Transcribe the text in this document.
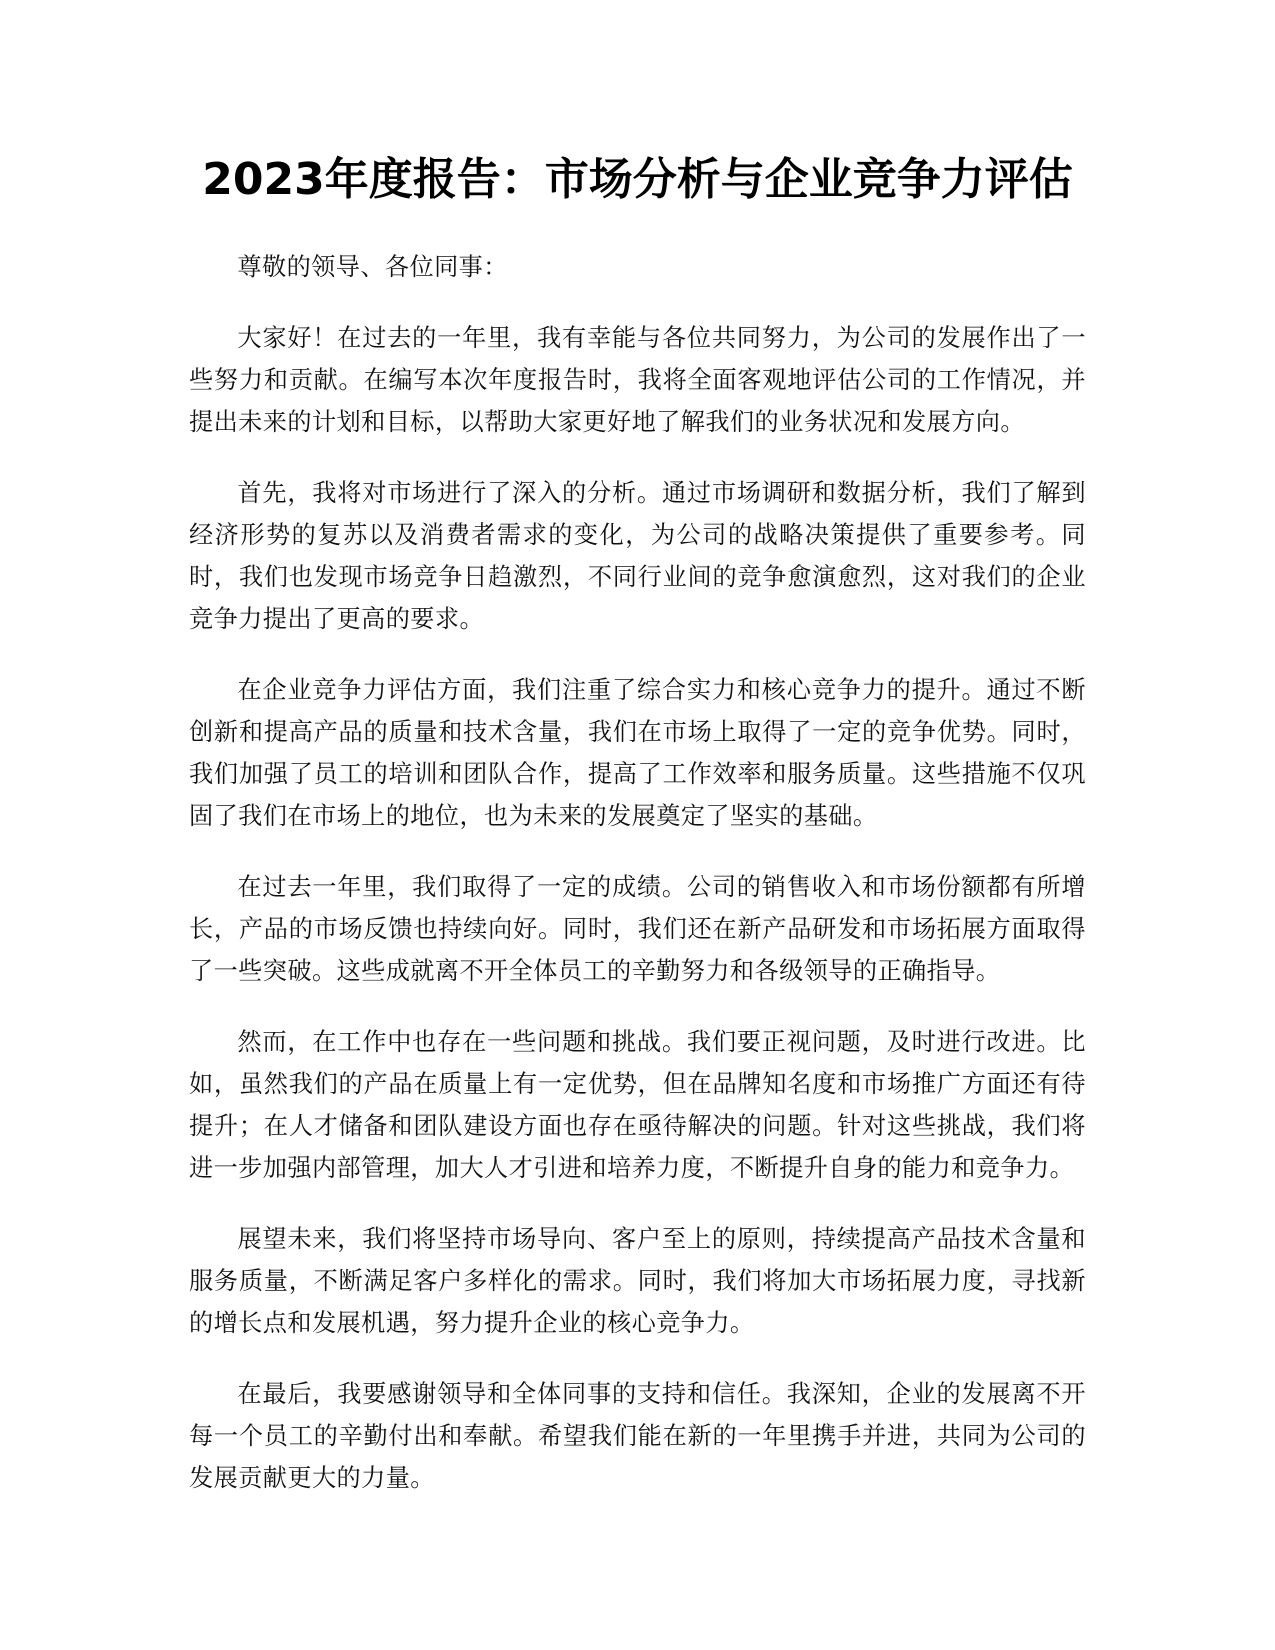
2023年度报告：市场分析与企业竞争力评估

尊敬的领导、各位同事：

大家好！在过去的一年里，我有幸能与各位共同努力，为公司的发展作出了一些努力和贡献。在编写本次年度报告时，我将全面客观地评估公司的工作情况，并提出未来的计划和目标，以帮助大家更好地了解我们的业务状况和发展方向。

首先，我将对市场进行了深入的分析。通过市场调研和数据分析，我们了解到经济形势的复苏以及消费者需求的变化，为公司的战略决策提供了重要参考。同时，我们也发现市场竞争日趋激烈，不同行业间的竞争愈演愈烈，这对我们的企业竞争力提出了更高的要求。

在企业竞争力评估方面，我们注重了综合实力和核心竞争力的提升。通过不断创新和提高产品的质量和技术含量，我们在市场上取得了一定的竞争优势。同时，我们加强了员工的培训和团队合作，提高了工作效率和服务质量。这些措施不仅巩固了我们在市场上的地位，也为未来的发展奠定了坚实的基础。

在过去一年里，我们取得了一定的成绩。公司的销售收入和市场份额都有所增长，产品的市场反馈也持续向好。同时，我们还在新产品研发和市场拓展方面取得了一些突破。这些成就离不开全体员工的辛勤努力和各级领导的正确指导。

然而，在工作中也存在一些问题和挑战。我们要正视问题，及时进行改进。比如，虽然我们的产品在质量上有一定优势，但在品牌知名度和市场推广方面还有待提升；在人才储备和团队建设方面也存在亟待解决的问题。针对这些挑战，我们将进一步加强内部管理，加大人才引进和培养力度，不断提升自身的能力和竞争力。

展望未来，我们将坚持市场导向、客户至上的原则，持续提高产品技术含量和服务质量，不断满足客户多样化的需求。同时，我们将加大市场拓展力度，寻找新的增长点和发展机遇，努力提升企业的核心竞争力。

在最后，我要感谢领导和全体同事的支持和信任。我深知，企业的发展离不开每一个员工的辛勤付出和奉献。希望我们能在新的一年里携手并进，共同为公司的发展贡献更大的力量。
